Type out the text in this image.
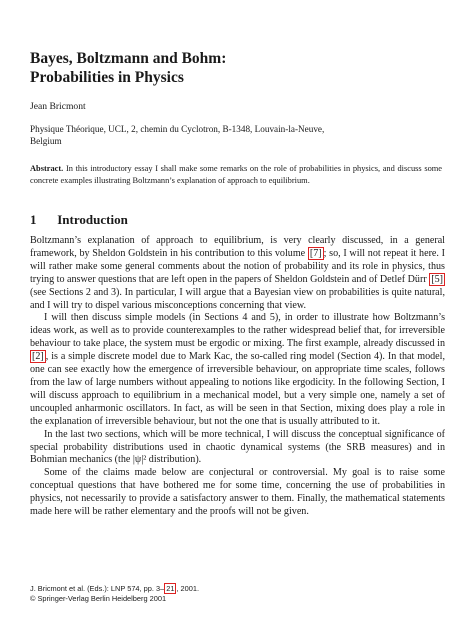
Bayes, Boltzmann and Bohm:
Probabilities in Physics
Jean Bricmont
Physique Théorique, UCL, 2, chemin du Cyclotron, B-1348, Louvain-la-Neuve,
Belgium
Abstract. In this introductory essay I shall make some remarks on the role of probabilities in physics, and discuss some concrete examples illustrating Boltzmann’s explanation of approach to equilibrium.
1 Introduction

Boltzmann’s explanation of approach to equilibrium, is very clearly discussed, in a general framework, by Sheldon Goldstein in his contribution to this volume [7] ; so, I will not repeat it here. I will rather make some general comments about the notion of probability and its role in physics, thus trying to answer questions that are left open in the papers of Sheldon Goldstein and of Detlef Dürr [5] (see Sections 2 and 3). In particular, I will argue that a Bayesian view on probabilities is quite natural, and I will try to dispel various misconceptions concerning that view.

I will then discuss simple models (in Sections 4 and 5), in order to illustrate how Boltzmann’s ideas work, as well as to provide counterexamples to the rather widespread belief that, for irreversible behaviour to take place, the system must be ergodic or mixing. The first example, already discussed in [2] , is a simple discrete model due to Mark Kac, the so-called ring model (Section 4). In that model, one can see exactly how the emergence of irreversible behaviour, on appropriate time scales, follows from the law of large numbers without appealing to notions like ergodicity. In the following Section, I will discuss approach to equilibrium in a mechanical model, but a very simple one, namely a set of uncoupled anharmonic oscillators. In fact, as will be seen in that Section, mixing does play a role in the explanation of irreversible behaviour, but not the one that is usually attributed to it.

In the last two sections, which will be more technical, I will discuss the conceptual significance of special probability distributions used in chaotic dynamical systems (the SRB measures) and in Bohmian mechanics (the |ψ|² distribution).

Some of the claims made below are conjectural or controversial. My goal is to raise some conceptual questions that have bothered me for some time, concerning the use of probabilities in physics, not necessarily to provide a satisfactory answer to them. Finally, the mathematical statements made here will be rather elementary and the proofs will not be given.

J. Bricmont et al. (Eds.): LNP 574, pp. 3– 21 , 2001.
© Springer-Verlag Berlin Heidelberg 2001
